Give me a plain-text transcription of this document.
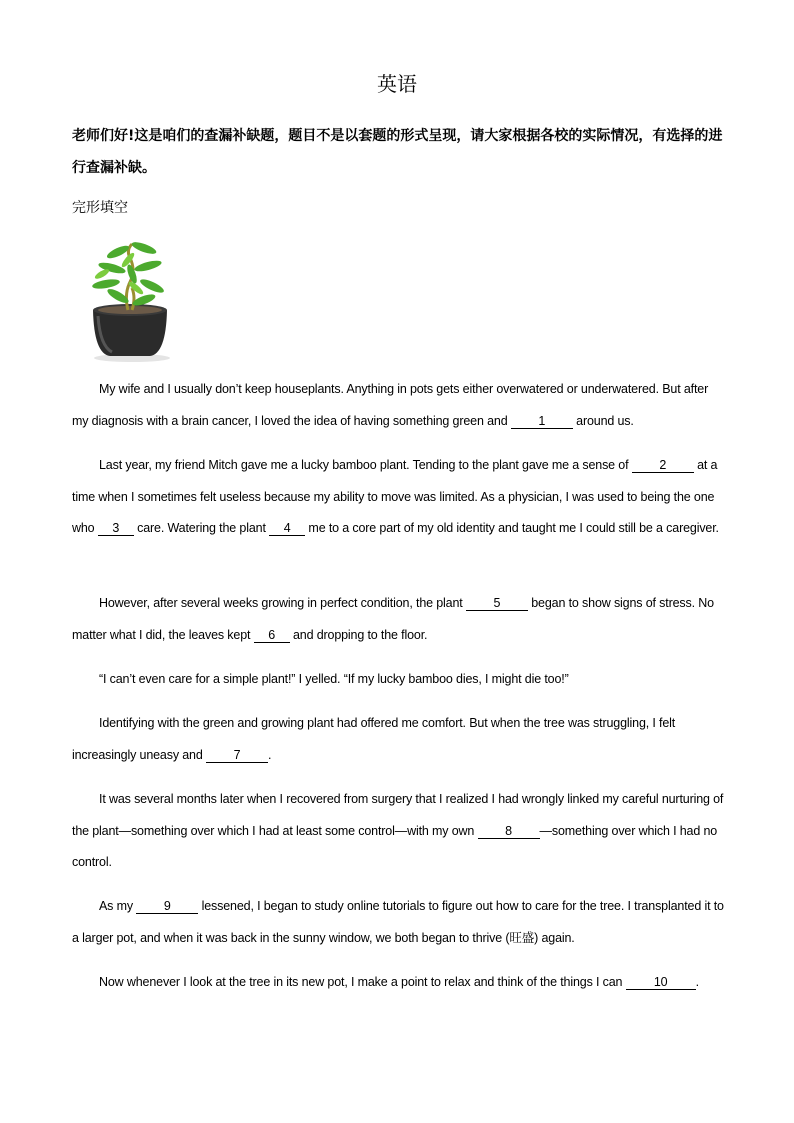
英语
老师们好!这是咱们的查漏补缺题，题目不是以套题的形式呈现，请大家根据各校的实际情况，有选择的进行查漏补缺。
完形填空
My wife and I usually don’t keep houseplants. Anything in pots gets either overwatered or underwatered. But after my diagnosis with a brain cancer, I loved the idea of having something green and 1 around us.
Last year, my friend Mitch gave me a lucky bamboo plant. Tending to the plant gave me a sense of 2 at a time when I sometimes felt useless because my ability to move was limited. As a physician, I was used to being the one who 3 care. Watering the plant 4 me to a core part of my old identity and taught me I could still be a caregiver.
However, after several weeks growing in perfect condition, the plant 5 began to show signs of stress. No matter what I did, the leaves kept 6 and dropping to the floor.
“I can’t even care for a simple plant!” I yelled. “If my lucky bamboo dies, I might die too!”
Identifying with the green and growing plant had offered me comfort. But when the tree was struggling, I felt increasingly uneasy and 7 .
It was several months later when I recovered from surgery that I realized I had wrongly linked my careful nurturing of the plant—something over which I had at least some control—with my own 8 —something over which I had no control.
As my 9 lessened, I began to study online tutorials to figure out how to care for the tree. I transplanted it to a larger pot, and when it was back in the sunny window, we both began to thrive (旺盛) again.
Now whenever I look at the tree in its new pot, I make a point to relax and think of the things I can 10 .
